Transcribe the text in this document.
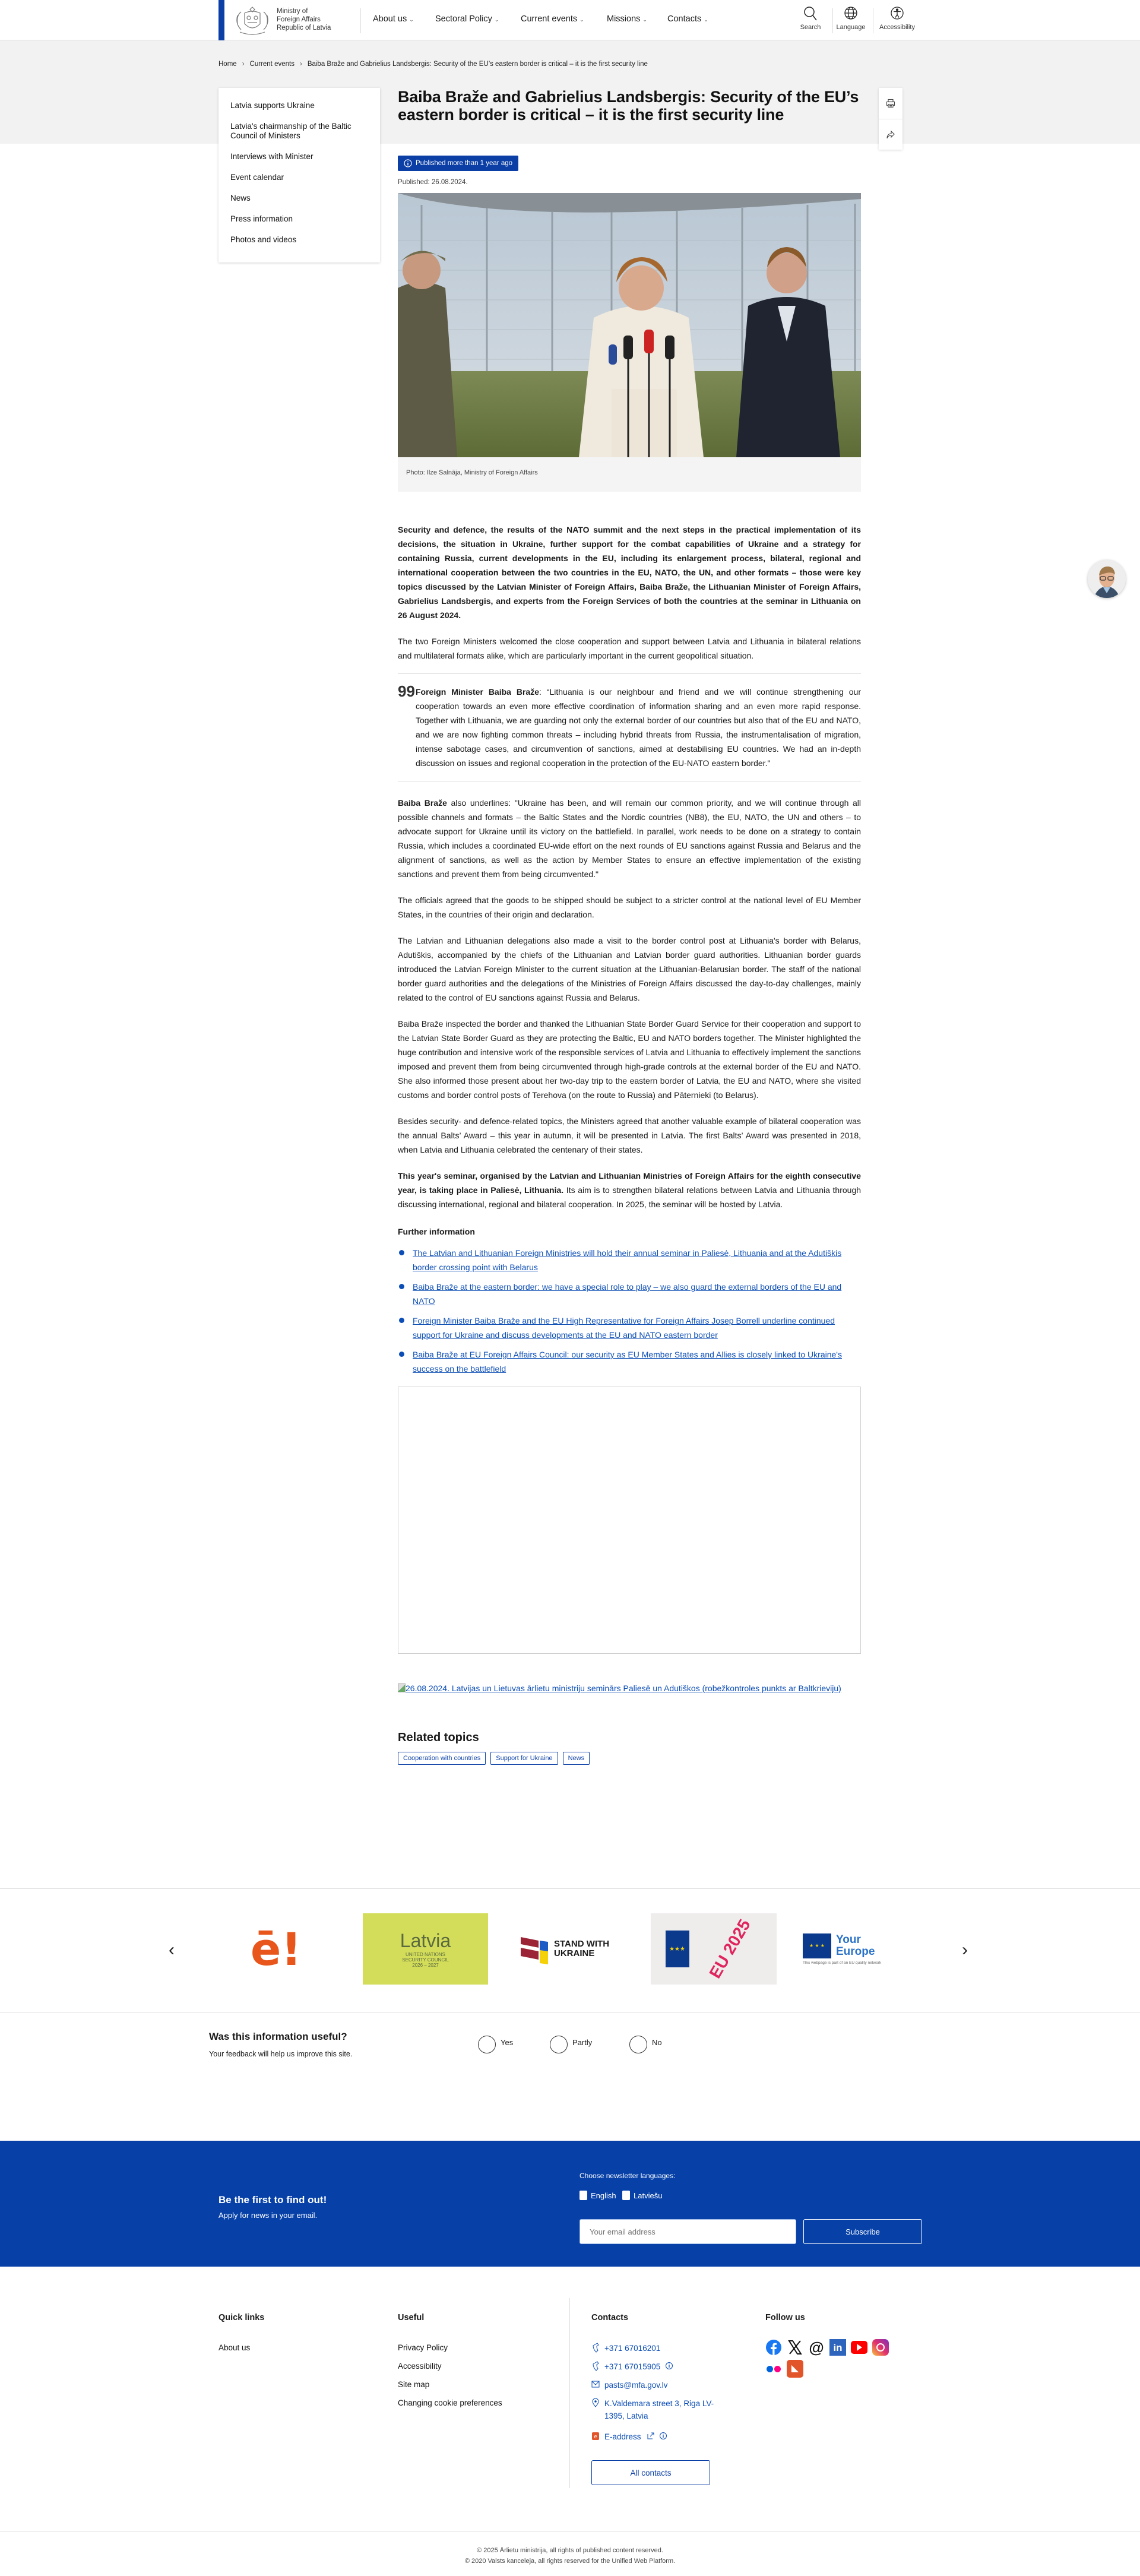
Ministry of
Foreign Affairs
Republic of Latvia
About us ⌄ Sectoral Policy ⌄	Current events ⌄	Missions ⌄ Contacts ⌄
Search	Language	Accessibility
Home › Current events › Baiba Braže and Gabrielius Landsbergis: Security of the EU’s eastern border is critical – it is the first security line
Latvia supports Ukraine
Latvia's chairmanship of the Baltic Council of Ministers
Interviews with Minister
Event calendar
News
Press information
Photos and videos
Baiba Braže and Gabrielius Landsbergis: Security of the EU’s eastern border is critical – it is the first security line
Published more than 1 year ago
Published: 26.08.2024.
Photo: Ilze Salnāja, Ministry of Foreign Affairs

Security and defence, the results of the NATO summit and the next steps in the practical implementation of its decisions, the situation in Ukraine, further support for the combat capabilities of Ukraine and a strategy for containing Russia, current developments in the EU, including its enlargement process, bilateral, regional and international cooperation between the two countries in the EU, NATO, the UN, and other formats – those were key topics discussed by the Latvian Minister of Foreign Affairs, Baiba Braže, the Lithuanian Minister of Foreign Affairs, Gabrielius Landsbergis, and experts from the Foreign Services of both the countries at the seminar in Lithuania on 26 August 2024.

The two Foreign Ministers welcomed the close cooperation and support between Latvia and Lithuania in bilateral relations and multilateral formats alike, which are particularly important in the current geopolitical situation.

99 Foreign Minister Baiba Braže: “Lithuania is our neighbour and friend and we will continue strengthening our cooperation towards an even more effective coordination of information sharing and an even more rapid response. Together with Lithuania, we are guarding not only the external border of our countries but also that of the EU and NATO, and we are now fighting common threats – including hybrid threats from Russia, the instrumentalisation of migration, intense sabotage cases, and circumvention of sanctions, aimed at destabilising EU countries. We had an in-depth discussion on issues and regional cooperation in the protection of the EU-NATO eastern border."

Baiba Braže also underlines: "Ukraine has been, and will remain our common priority, and we will continue through all possible channels and formats – the Baltic States and the Nordic countries (NB8), the EU, NATO, the UN and others – to advocate support for Ukraine until its victory on the battlefield. In parallel, work needs to be done on a strategy to contain Russia, which includes a coordinated EU-wide effort on the next rounds of EU sanctions against Russia and Belarus and the alignment of sanctions, as well as the action by Member States to ensure an effective implementation of the existing sanctions and prevent them from being circumvented."

The officials agreed that the goods to be shipped should be subject to a stricter control at the national level of EU Member States, in the countries of their origin and declaration.

The Latvian and Lithuanian delegations also made a visit to the border control post at Lithuania's border with Belarus, Adutiškis, accompanied by the chiefs of the Lithuanian and Latvian border guard authorities. Lithuanian border guards introduced the Latvian Foreign Minister to the current situation at the Lithuanian-Belarusian border. The staff of the national border guard authorities and the delegations of the Ministries of Foreign Affairs discussed the day-to-day challenges, mainly related to the control of EU sanctions against Russia and Belarus.

Baiba Braže inspected the border and thanked the Lithuanian State Border Guard Service for their cooperation and support to the Latvian State Border Guard as they are protecting the Baltic, EU and NATO borders together. The Minister highlighted the huge contribution and intensive work of the responsible services of Latvia and Lithuania to effectively implement the sanctions imposed and prevent them from being circumvented through high-grade controls at the external border of the EU and NATO. She also informed those present about her two-day trip to the eastern border of Latvia, the EU and NATO, where she visited customs and border control posts of Terehova (on the route to Russia) and Pāternieki (to Belarus).

Besides security- and defence-related topics, the Ministers agreed that another valuable example of bilateral cooperation was the annual Balts’ Award – this year in autumn, it will be presented in Latvia. The first Balts’ Award was presented in 2018, when Latvia and Lithuania celebrated the centenary of their states.

This year's seminar, organised by the Latvian and Lithuanian Ministries of Foreign Affairs for the eighth consecutive year, is taking place in Paliesė, Lithuania. Its aim is to strengthen bilateral relations between Latvia and Lithuania through discussing international, regional and bilateral cooperation. In 2025, the seminar will be hosted by Latvia.

Further information
The Latvian and Lithuanian Foreign Ministries will hold their annual seminar in Paliesė, Lithuania and at the Adutiškis border crossing point with Belarus
Baiba Braže at the eastern border: we have a special role to play – we also guard the external borders of the EU and NATO
Foreign Minister Baiba Braže and the EU High Representative for Foreign Affairs Josep Borrell underline continued support for Ukraine and discuss developments at the EU and NATO eastern border
Baiba Braže at EU Foreign Affairs Council: our security as EU Member States and Allies is closely linked to Ukraine's success on the battlefield
26.08.2024. Latvijas un Lietuvas ārlietu ministriju seminārs Paliesē un Adutiškos (robežkontroles punkts ar Baltkrieviju)
Related topics
Cooperation with countries	Support for Ukraine	News
‹ ē!	Latvia
UNITED NATIONS SECURITY COUNCIL 2026 – 2027
STAND WITH UKRAINE	★★★ EU 2025	★ ★ ★	Your Europe
This webpage is part of an EU quality network
›
Was this information useful?
Your feedback will help us improve this site.
Yes	Partly	No
Be the first to find out!
Apply for news in your email.
Choose newsletter languages:
English Latviešu
Your email address
Subscribe
Quick links
About us
Useful
Privacy Policy
Accessibility
Site map
Changing cookie preferences
Contacts
+371 67016201
+371 67015905
pasts@mfa.gov.lv
K.Valdemara street 3, Riga LV-1395, Latvia
e E-address
All contacts
Follow us
@ in
◣
© 2025 Ārlietu ministrija, all rights of published content reserved.
© 2020 Valsts kanceleja, all rights reserved for the Unified Web Platform.
